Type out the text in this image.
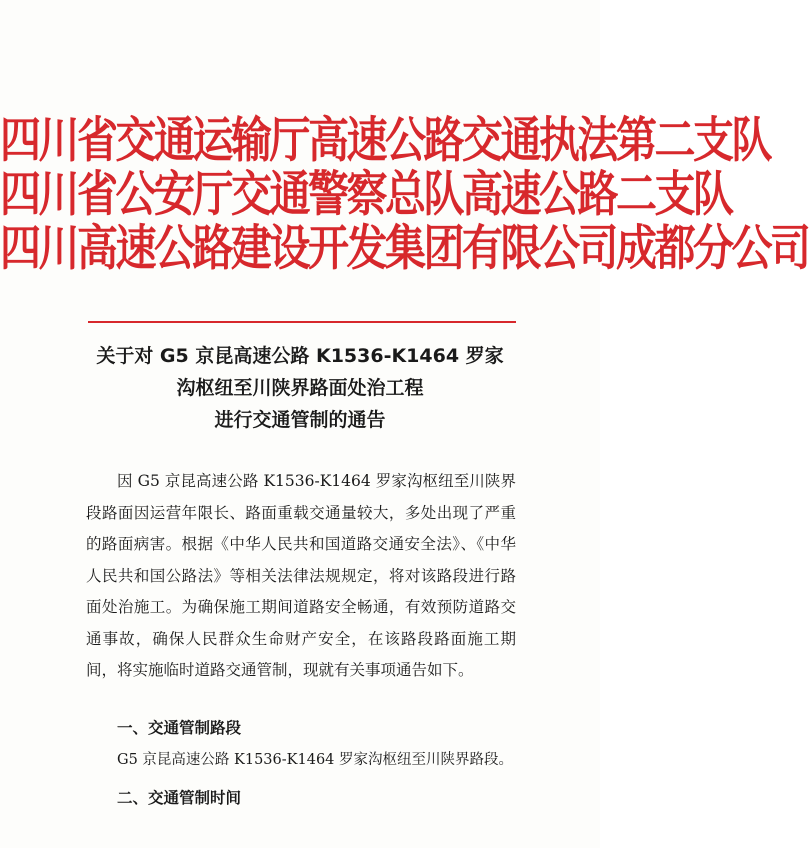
四川省交通运输厅高速公路交通执法第二支队
四川省公安厅交通警察总队高速公路二支队
四川高速公路建设开发集团有限公司成都分公司
关于对 G5 京昆高速公路 K1536-K1464 罗家
沟枢纽至川陕界路面处治工程
进行交通管制的通告

因 G5 京昆高速公路 K1536-K1464 罗家沟枢纽至川陕界段路面因运营年限长、路面重载交通量较大，多处出现了严重的路面病害。根据《中华人民共和国道路交通安全法》、《中华人民共和国公路法》等相关法律法规规定，将对该路段进行路面处治施工。为确保施工期间道路安全畅通，有效预防道路交通事故，确保人民群众生命财产安全，在该路段路面施工期间，将实施临时道路交通管制，现就有关事项通告如下。

一、交通管制路段

G5 京昆高速公路 K1536-K1464 罗家沟枢纽至川陕界路段。

二、交通管制时间
